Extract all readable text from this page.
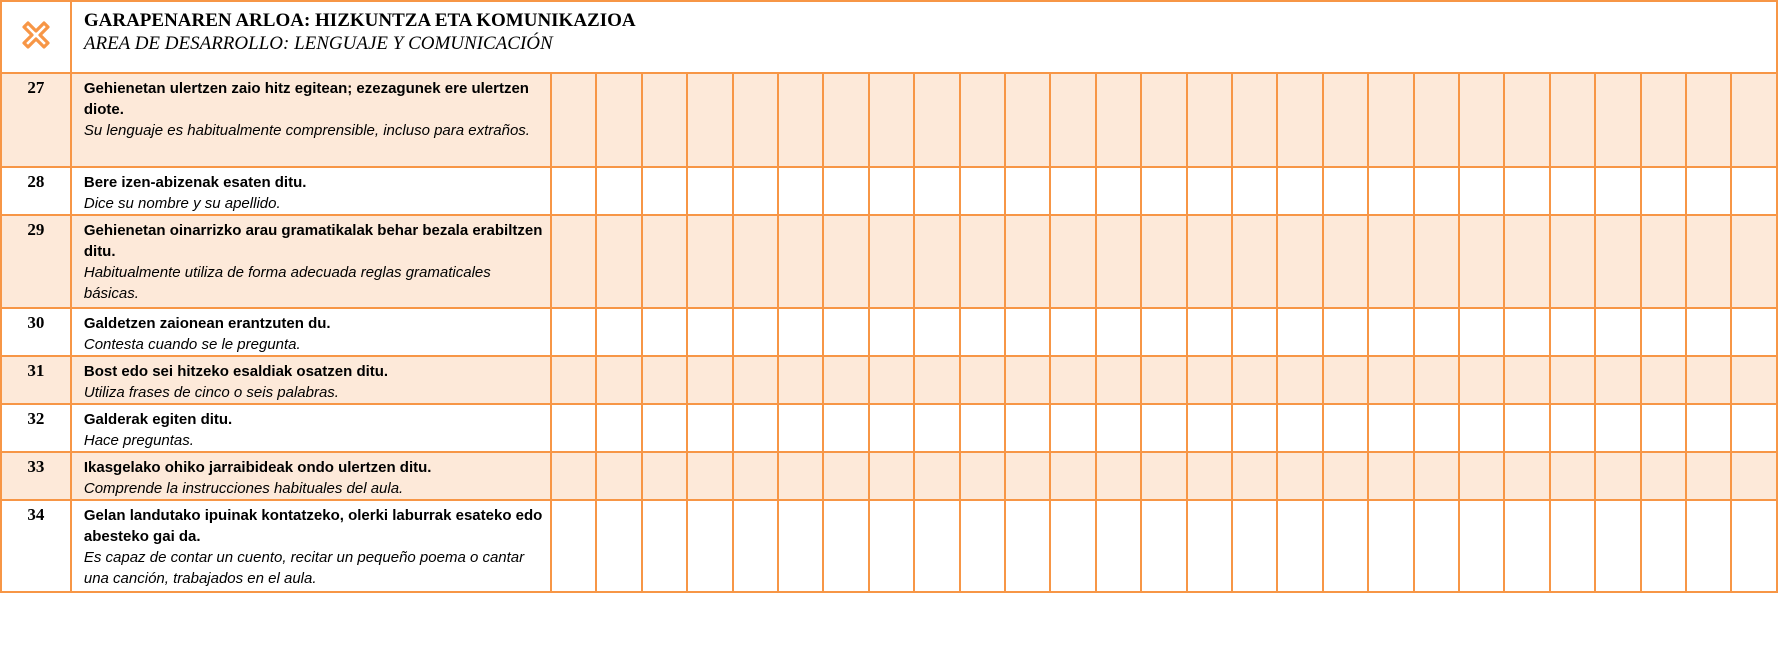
GARAPENAREN ARLOA: HIZKUNTZA ETA KOMUNIKAZIOA
AREA DE DESARROLLO: LENGUAJE Y COMUNICACIÓN																											

27	Gehienetan ulertzen zaio hitz egitean; ezezagunek ere ulertzen diote.
Su lenguaje es habitualmente comprensible, incluso para extraños.																											

28	Bere izen-abizenak esaten ditu.
Dice su nombre y su apellido.																											

29	Gehienetan oinarrizko arau gramatikalak behar bezala erabiltzen ditu.
Habitualmente utiliza de forma adecuada reglas gramaticales básicas.																											

30	Galdetzen zaionean erantzuten du.
Contesta cuando se le pregunta.																											

31	Bost edo sei hitzeko esaldiak osatzen ditu.
Utiliza frases de cinco o seis palabras.																											

32	Galderak egiten ditu.
Hace preguntas.																											

33	Ikasgelako ohiko jarraibideak ondo ulertzen ditu.
Comprende la instrucciones habituales del aula.																											

34	Gelan landutako ipuinak kontatzeko, olerki laburrak esateko edo abesteko gai da.
Es capaz de contar un cuento, recitar un pequeño poema o cantar una canción, trabajados en el aula.																											
